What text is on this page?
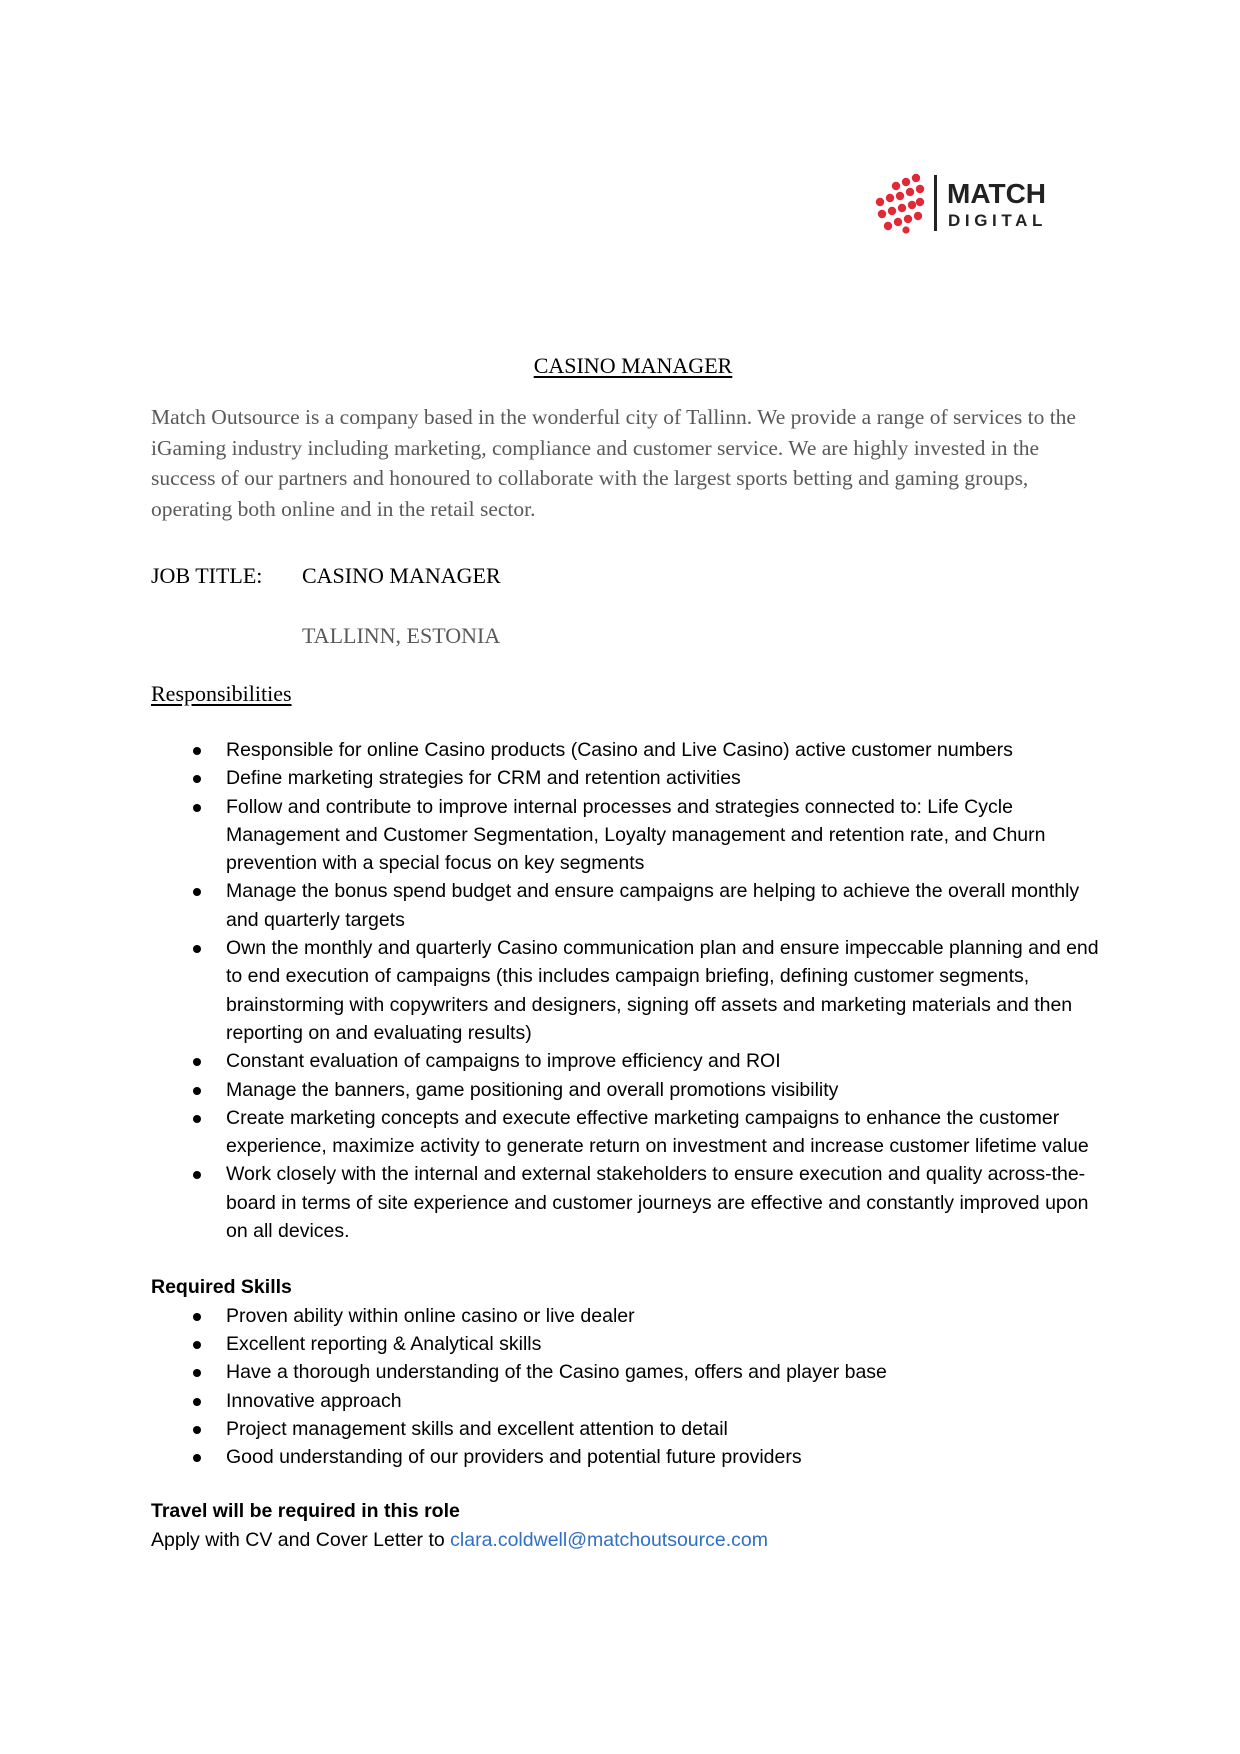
MATCH
DIGITAL
CASINO MANAGER

Match Outsource is a company based in the wonderful city of Tallinn. We provide a range of services to the iGaming industry including marketing, compliance and customer service. We are highly invested in the success of our partners and honoured to collaborate with the largest sports betting and gaming groups, operating both online and in the retail sector.

JOB TITLE:	CASINO MANAGER
TALLINN, ESTONIA
Responsibilities
Responsible for online Casino products (Casino and Live Casino) active customer numbers
Define marketing strategies for CRM and retention activities
Follow and contribute to improve internal processes and strategies connected to: Life Cycle Management and Customer Segmentation, Loyalty management and retention rate, and Churn prevention with a special focus on key segments
Manage the bonus spend budget and ensure campaigns are helping to achieve the overall monthly and quarterly targets
Own the monthly and quarterly Casino communication plan and ensure impeccable planning and end to end execution of campaigns (this includes campaign briefing, defining customer segments, brainstorming with copywriters and designers, signing off assets and marketing materials and then reporting on and evaluating results)
Constant evaluation of campaigns to improve efficiency and ROI
Manage the banners, game positioning and overall promotions visibility
Create marketing concepts and execute effective marketing campaigns to enhance the customer experience, maximize activity to generate return on investment and increase customer lifetime value
Work closely with the internal and external stakeholders to ensure execution and quality across-the-board in terms of site experience and customer journeys are effective and constantly improved upon on all devices.
Required Skills
Proven ability within online casino or live dealer
Excellent reporting & Analytical skills
Have a thorough understanding of the Casino games, offers and player base
Innovative approach
Project management skills and excellent attention to detail
Good understanding of our providers and potential future providers
Travel will be required in this role

Apply with CV and Cover Letter to clara.coldwell@matchoutsource.com
